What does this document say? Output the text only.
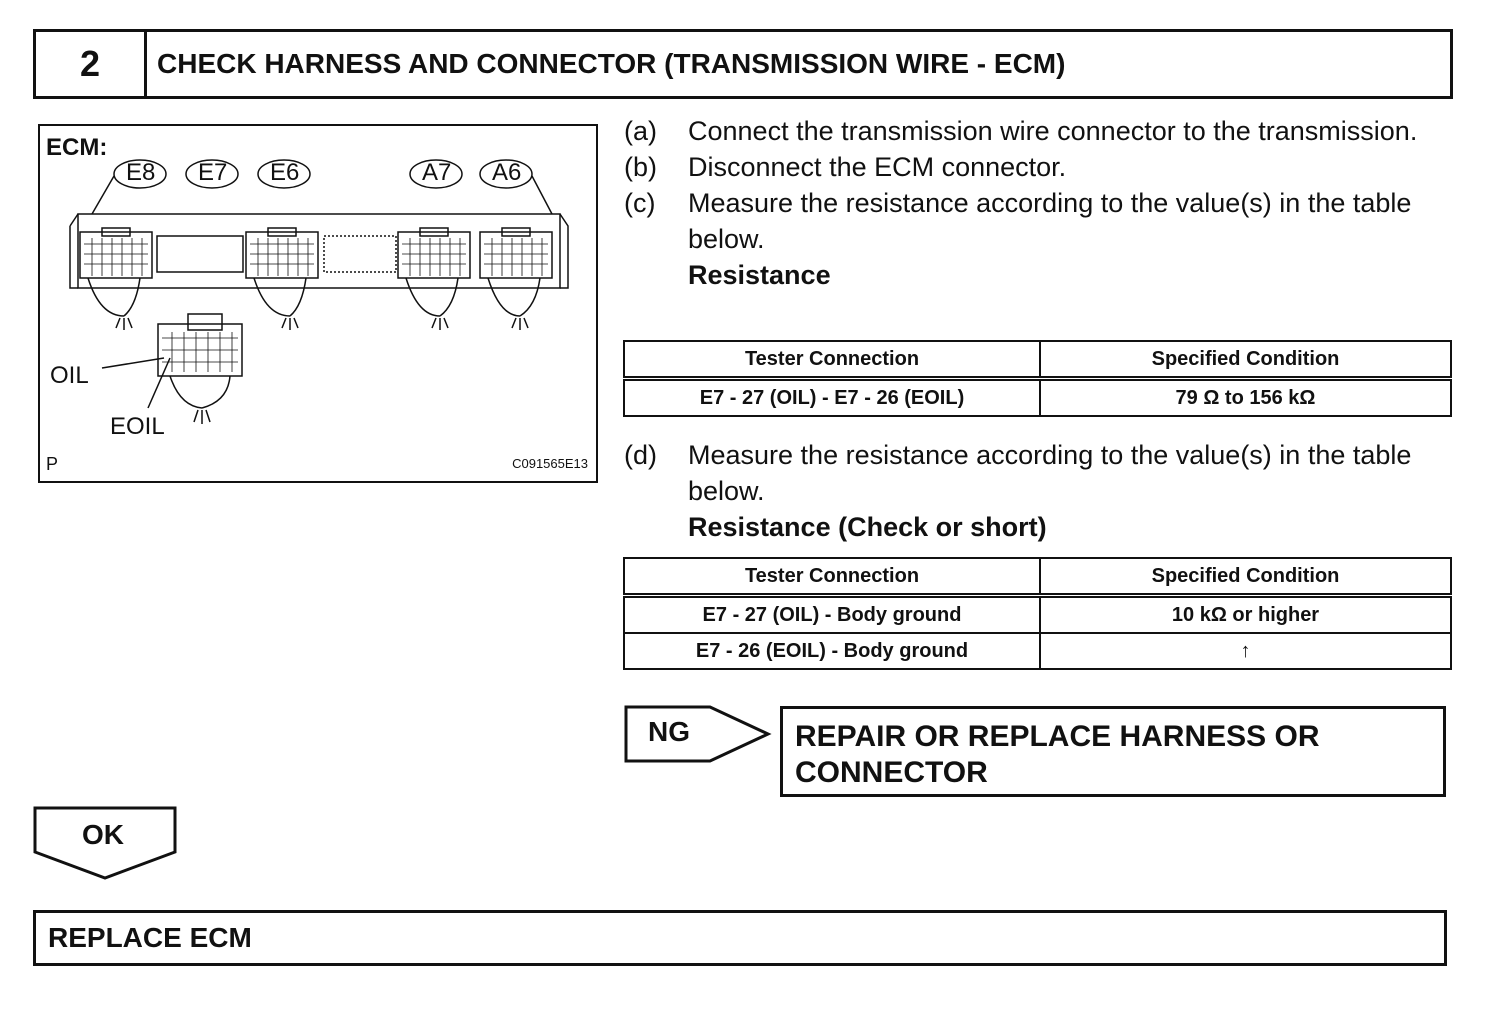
2	CHECK HARNESS AND CONNECTOR (TRANSMISSION WIRE - ECM)
ECM:
E8 E7 E6	A7 A6
OIL
EOIL
P	C091565E13
(a)	Connect the transmission wire connector to the transmission.
(b)	Disconnect the ECM connector.
(c)	Measure the resistance according to the value(s) in the table below.
Resistance
Tester Connection	Specified Condition
E7 - 27 (OIL) - E7 - 26 (EOIL)	79 Ω to 156 kΩ
(d)	Measure the resistance according to the value(s) in the table below.
Resistance (Check or short)
Tester Connection	Specified Condition
E7 - 27 (OIL) - Body ground	10 kΩ or higher
E7 - 26 (EOIL) - Body ground	↑
NG	REPAIR OR REPLACE HARNESS OR CONNECTOR
OK
REPLACE ECM
